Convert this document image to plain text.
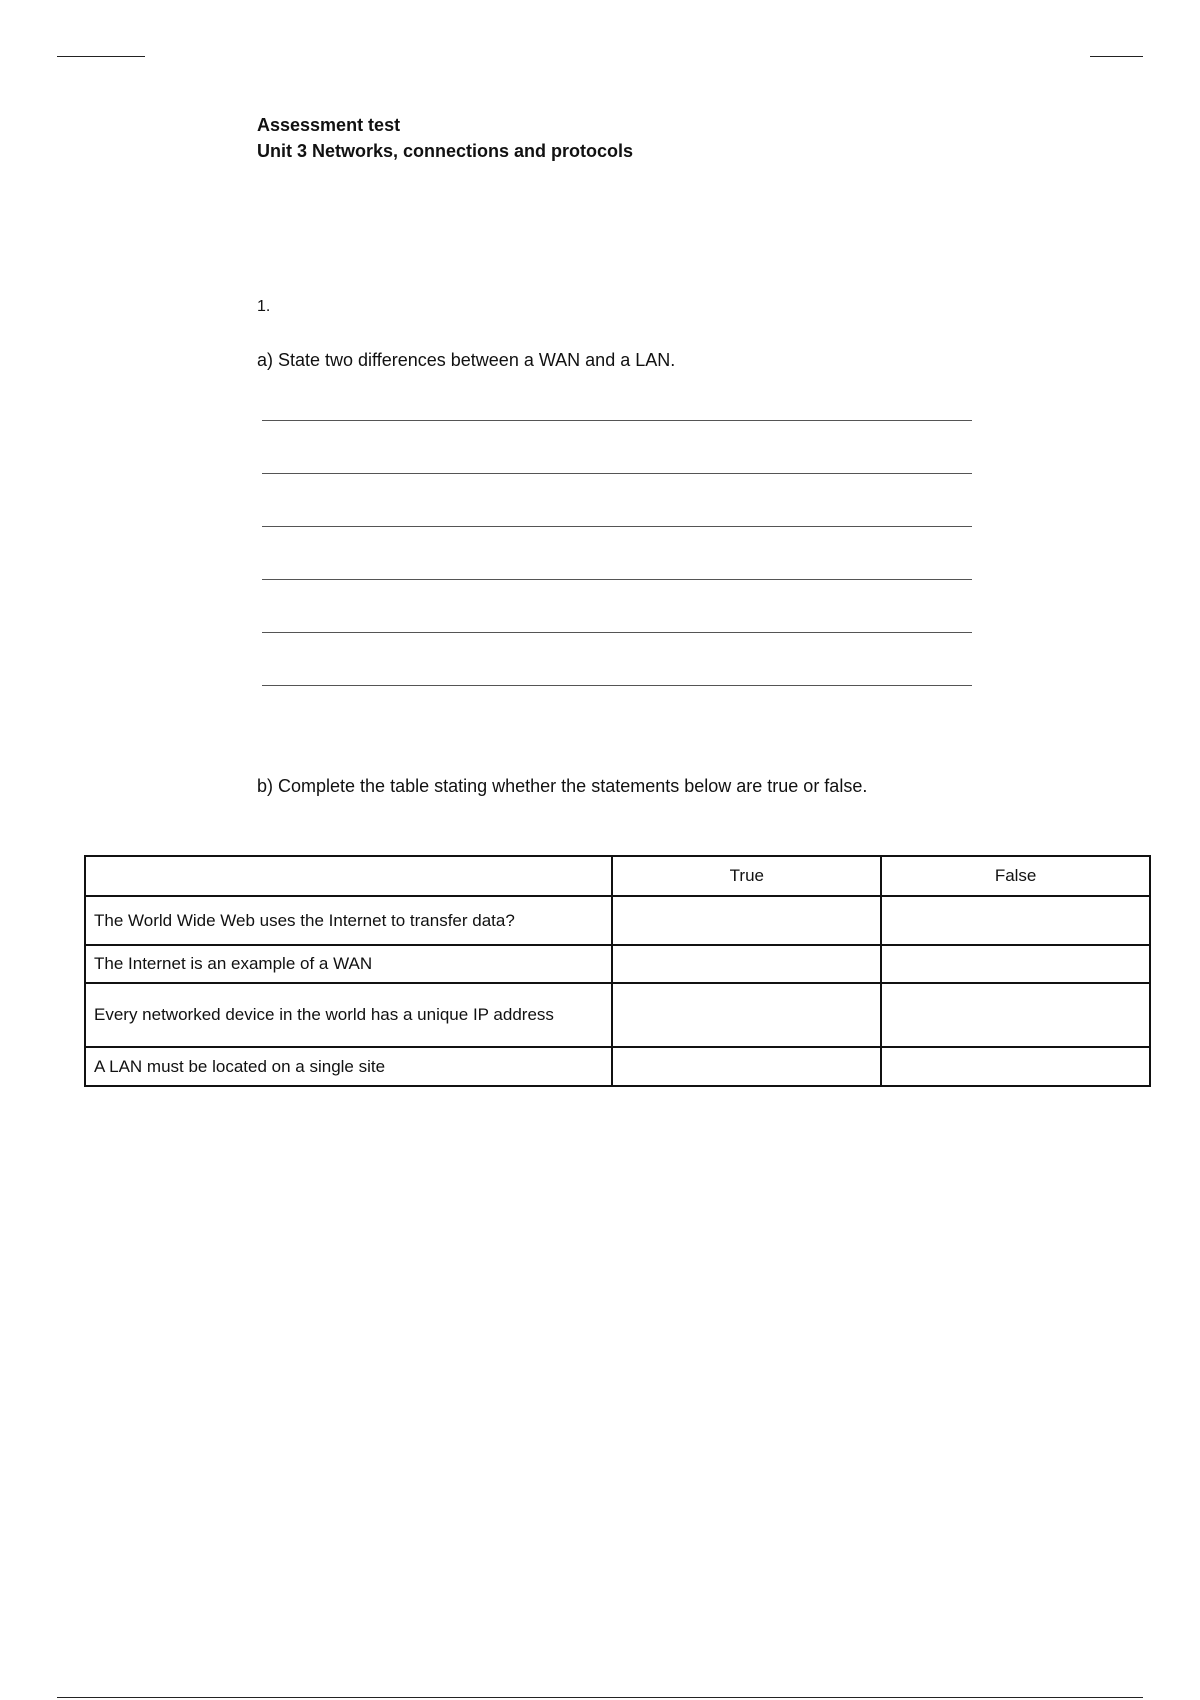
Assessment test
Unit 3 Networks, connections and protocols
1.
a) State two differences between a WAN and a LAN.
b) Complete the table stating whether the statements below are true or false.
	True	False
The World Wide Web uses the Internet to transfer data?		
The Internet is an example of a WAN		
Every networked device in the world has a unique IP address		
A LAN must be located on a single site		
